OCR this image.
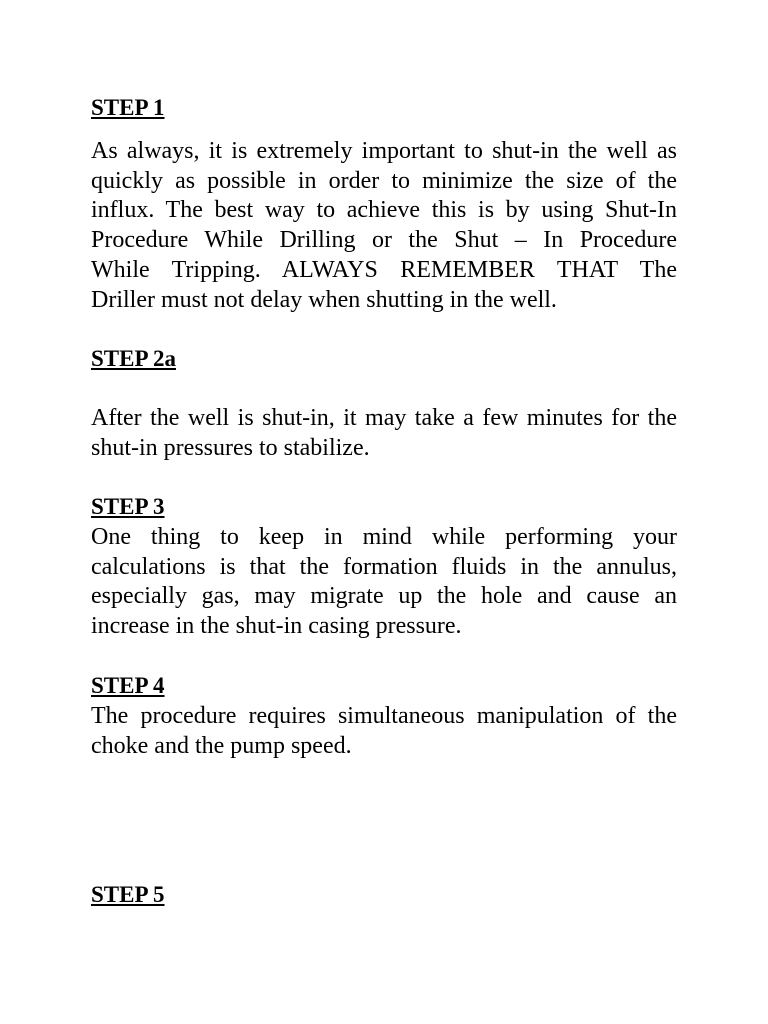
STEP 1

As always, it is extremely important to shut-in the well as
quickly as possible in order to minimize the size of the
influx. The best way to achieve this is by using Shut-In
Procedure While Drilling or the Shut – In Procedure
While Tripping. ALWAYS REMEMBER THAT The
Driller must not delay when shutting in the well.

STEP 2a

After the well is shut-in, it may take a few minutes for the
shut-in pressures to stabilize.

STEP 3

One thing to keep in mind while performing your
calculations is that the formation fluids in the annulus,
especially gas, may migrate up the hole and cause an
increase in the shut-in casing pressure.

STEP 4

The procedure requires simultaneous manipulation of the
choke and the pump speed.

STEP 5
